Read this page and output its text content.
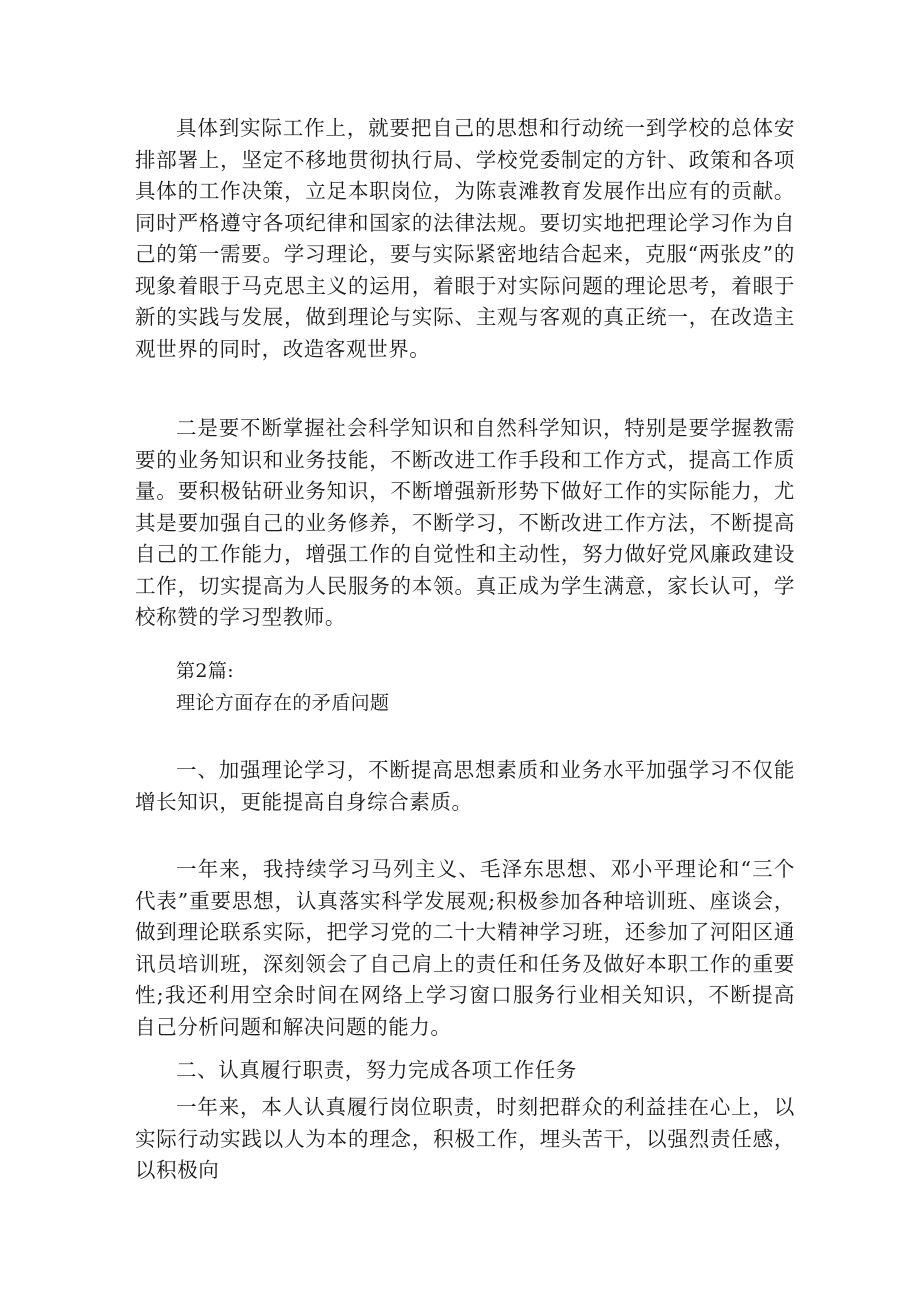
具体到实际工作上，就要把自己的思想和行动统一到学校的总体安排部署上，坚定不移地贯彻执行局、学校党委制定的方针、政策和各项具体的工作决策，立足本职岗位，为陈袁滩教育发展作出应有的贡献。同时严格遵守各项纪律和国家的法律法规。要切实地把理论学习作为自己的第一需要。学习理论，要与实际紧密地结合起来，克服“两张皮”的现象着眼于马克思主义的运用，着眼于对实际问题的理论思考，着眼于新的实践与发展，做到理论与实际、主观与客观的真正统一，在改造主观世界的同时，改造客观世界。

二是要不断掌握社会科学知识和自然科学知识，特别是要学握教需要的业务知识和业务技能，不断改进工作手段和工作方式，提高工作质量。要积极钻研业务知识，不断增强新形势下做好工作的实际能力，尤其是要加强自己的业务修养，不断学习，不断改进工作方法，不断提高自己的工作能力，增强工作的自觉性和主动性，努力做好党风廉政建设工作，切实提高为人民服务的本领。真正成为学生满意，家长认可，学校称赞的学习型教师。

第2篇:

理论方面存在的矛盾问题

一、加强理论学习，不断提高思想素质和业务水平加强学习不仅能增长知识，更能提高自身综合素质。

一年来，我持续学习马列主义、毛泽东思想、邓小平理论和“三个代表”重要思想，认真落实科学发展观;积极参加各种培训班、座谈会，做到理论联系实际，把学习党的二十大精神学习班，还参加了河阳区通讯员培训班，深刻领会了自己肩上的责任和任务及做好本职工作的重要性;我还利用空余时间在网络上学习窗口服务行业相关知识，不断提高自己分析问题和解决问题的能力。

二、认真履行职责，努力完成各项工作任务

一年来，本人认真履行岗位职责，时刻把群众的利益挂在心上，以实际行动实践以人为本的理念，积极工作，埋头苦干，以强烈责任感，以积极向
